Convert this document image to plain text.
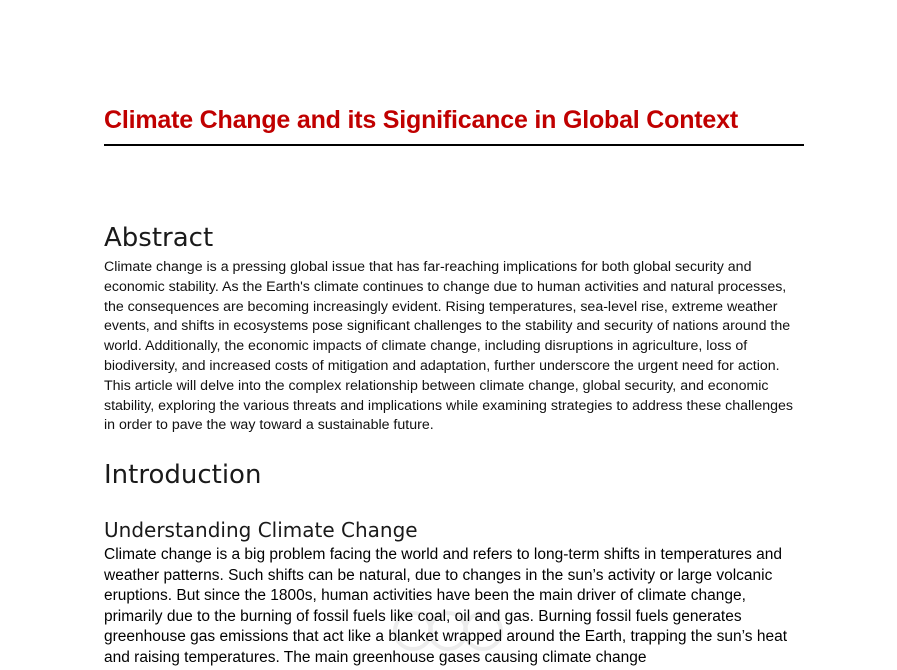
Climate Change and its Significance in Global Context
Abstract

Climate change is a pressing global issue that has far-reaching implications for both global security and economic stability. As the Earth's climate continues to change due to human activities and natural processes, the consequences are becoming increasingly evident. Rising temperatures, sea-level rise, extreme weather events, and shifts in ecosystems pose significant challenges to the stability and security of nations around the world. Additionally, the economic impacts of climate change, including disruptions in agriculture, loss of biodiversity, and increased costs of mitigation and adaptation, further underscore the urgent need for action. This article will delve into the complex relationship between climate change, global security, and economic stability, exploring the various threats and implications while examining strategies to address these challenges in order to pave the way toward a sustainable future.

Introduction
Understanding Climate Change

Climate change is a big problem facing the world and refers to long-term shifts in temperatures and weather patterns. Such shifts can be natural, due to changes in the sun’s activity or large volcanic eruptions. But since the 1800s, human activities have been the main driver of climate change, primarily due to the burning of fossil fuels like coal, oil and gas. Burning fossil fuels generates greenhouse gas emissions that act like a blanket wrapped around the Earth, trapping the sun’s heat and raising temperatures. The main greenhouse gases causing climate change
